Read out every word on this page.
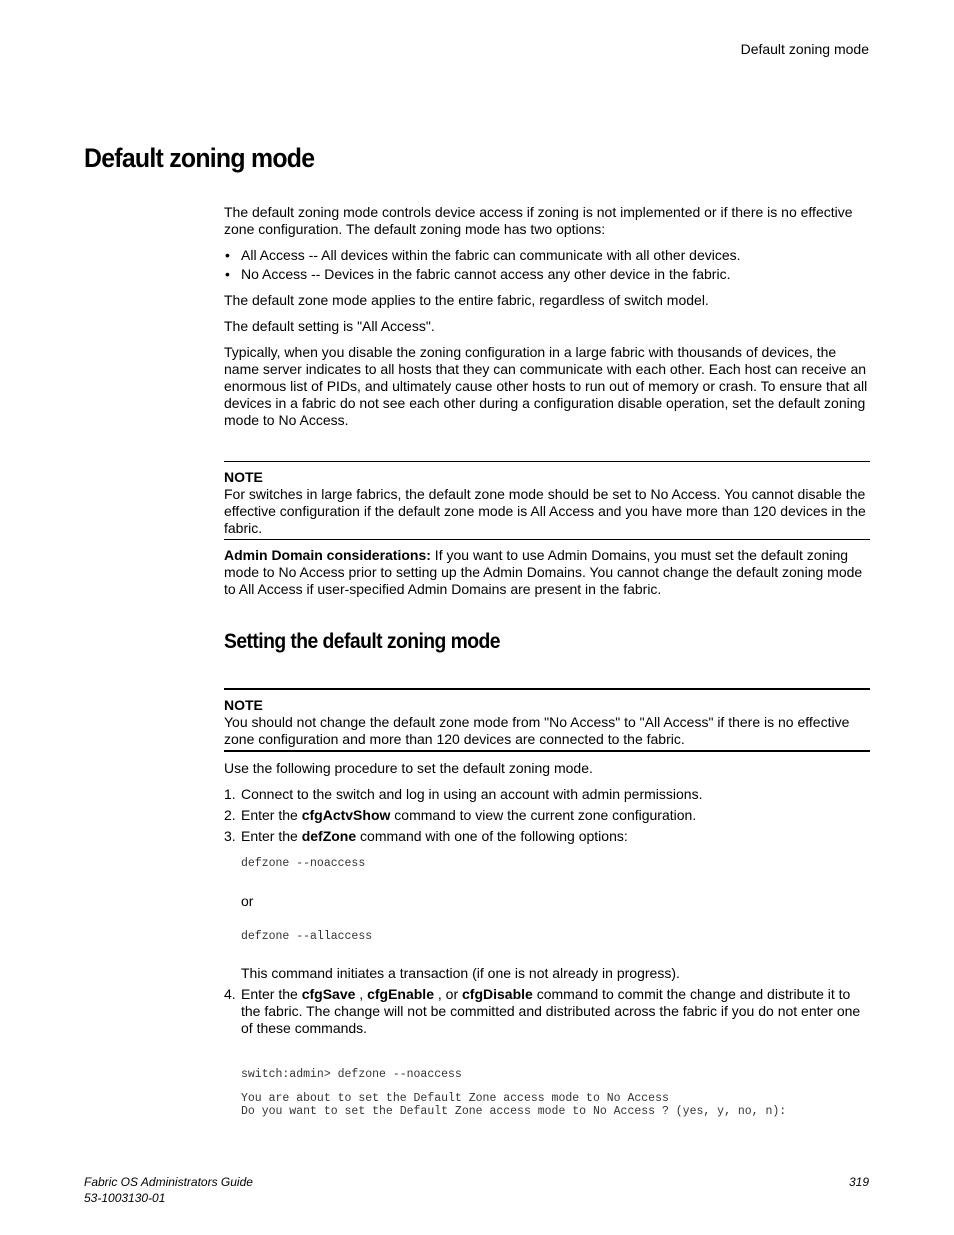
Default zoning mode
Default zoning mode
The default zoning mode controls device access if zoning is not implemented or if there is no effective zone configuration. The default zoning mode has two options:
• All Access -- All devices within the fabric can communicate with all other devices.
• No Access -- Devices in the fabric cannot access any other device in the fabric.
The default zone mode applies to the entire fabric, regardless of switch model.
The default setting is "All Access".
Typically, when you disable the zoning configuration in a large fabric with thousands of devices, the name server indicates to all hosts that they can communicate with each other. Each host can receive an enormous list of PIDs, and ultimately cause other hosts to run out of memory or crash. To ensure that all devices in a fabric do not see each other during a configuration disable operation, set the default zoning mode to No Access.
NOTE
For switches in large fabrics, the default zone mode should be set to No Access. You cannot disable the effective configuration if the default zone mode is All Access and you have more than 120 devices in the fabric.
Admin Domain considerations: If you want to use Admin Domains, you must set the default zoning mode to No Access prior to setting up the Admin Domains. You cannot change the default zoning mode to All Access if user-specified Admin Domains are present in the fabric.
Setting the default zoning mode
NOTE
You should not change the default zone mode from "No Access" to "All Access" if there is no effective zone configuration and more than 120 devices are connected to the fabric.
Use the following procedure to set the default zoning mode.
1. Connect to the switch and log in using an account with admin permissions.
2. Enter the cfgActvShow command to view the current zone configuration.
3. Enter the defZone command with one of the following options:
defzone --noaccess
or
defzone --allaccess
This command initiates a transaction (if one is not already in progress).
4. Enter the cfgSave , cfgEnable , or cfgDisable command to commit the change and distribute it to the fabric. The change will not be committed and distributed across the fabric if you do not enter one of these commands.
switch:admin> defzone --noaccess
You are about to set the Default Zone access mode to No Access
Do you want to set the Default Zone access mode to No Access ? (yes, y, no, n):
Fabric OS Administrators Guide
53-1003130-01
319
